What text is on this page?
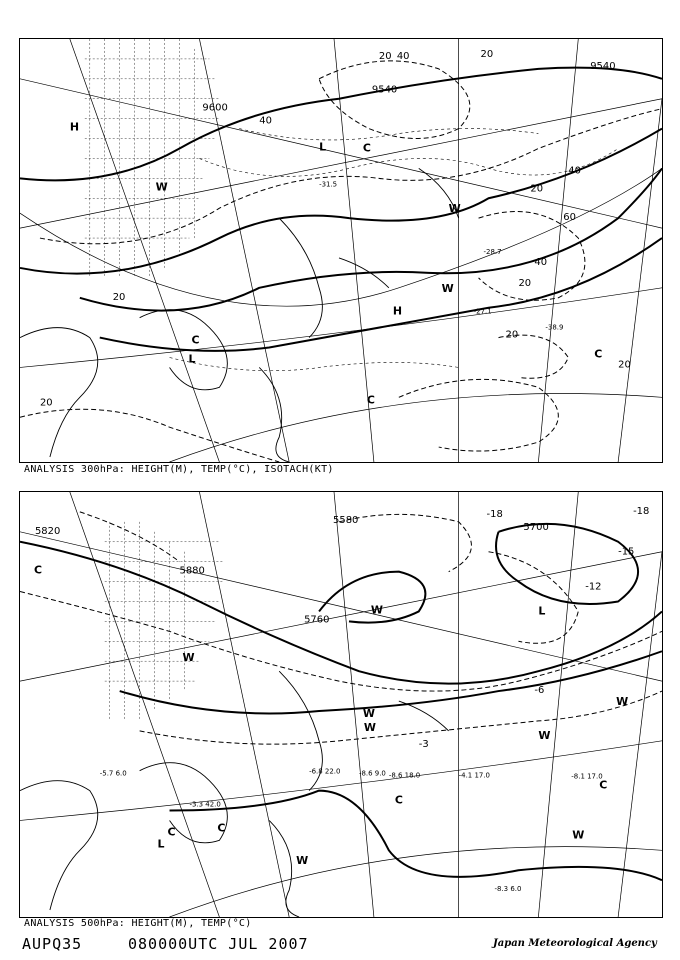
9600
9540
9540
20 40
40
20
60
40
20
40
20
20
20
20
20
-27.1
-31.5
-28.7
-38.9
H
L	C
W
W
H
C
L
C
C
W
ANALYSIS 300hPa: HEIGHT(M), TEMP(°C), ISOTACH(KT)
5820
5880
5580
5700
5760
-18	-18
-15
-12
-6
-3
-8.3 6.0
-8.1 17.0
-8.6 18.0
-6.8 22.0	-4.1 17.0
-8.6 9.0
-3.3 42.0
-5.7 6.0
C
C
W
W
W
W
W
C
C
L
C
W
W
W
L
ANALYSIS 500hPa: HEIGHT(M), TEMP(°C)
AUPQ35	080000UTC JUL 2007	Japan Meteorological Agency
